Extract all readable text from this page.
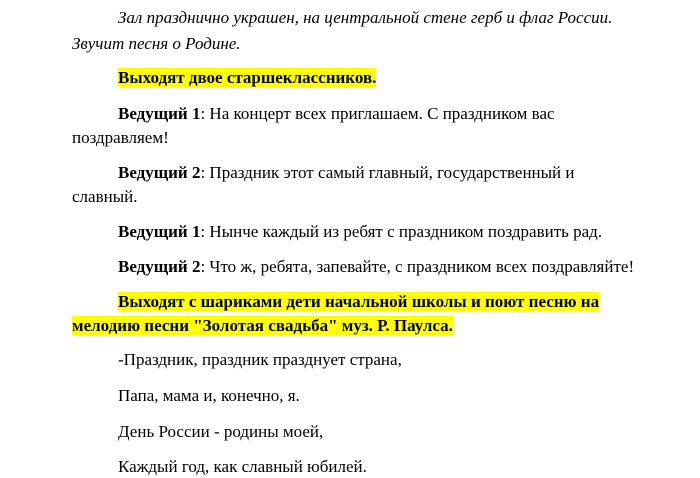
Зал празднично украшен, на центральной стене герб и флаг России.
Звучит песня о Родине.
Выходят двое старшеклассников.
Ведущий 1: На концерт всех приглашаем. С праздником вас
поздравляем!
Ведущий 2: Праздник этот самый главный, государственный и
славный.
Ведущий 1: Нынче каждый из ребят с праздником поздравить рад.
Ведущий 2: Что ж, ребята, запевайте, с праздником всех поздравляйте!
Выходят с шариками дети начальной школы и поют песню на
мелодию песни "Золотая свадьба" муз. Р. Паулса.
-Праздник, праздник празднует страна,
Папа, мама и, конечно, я.
День России - родины моей,
Каждый год, как славный юбилей.
